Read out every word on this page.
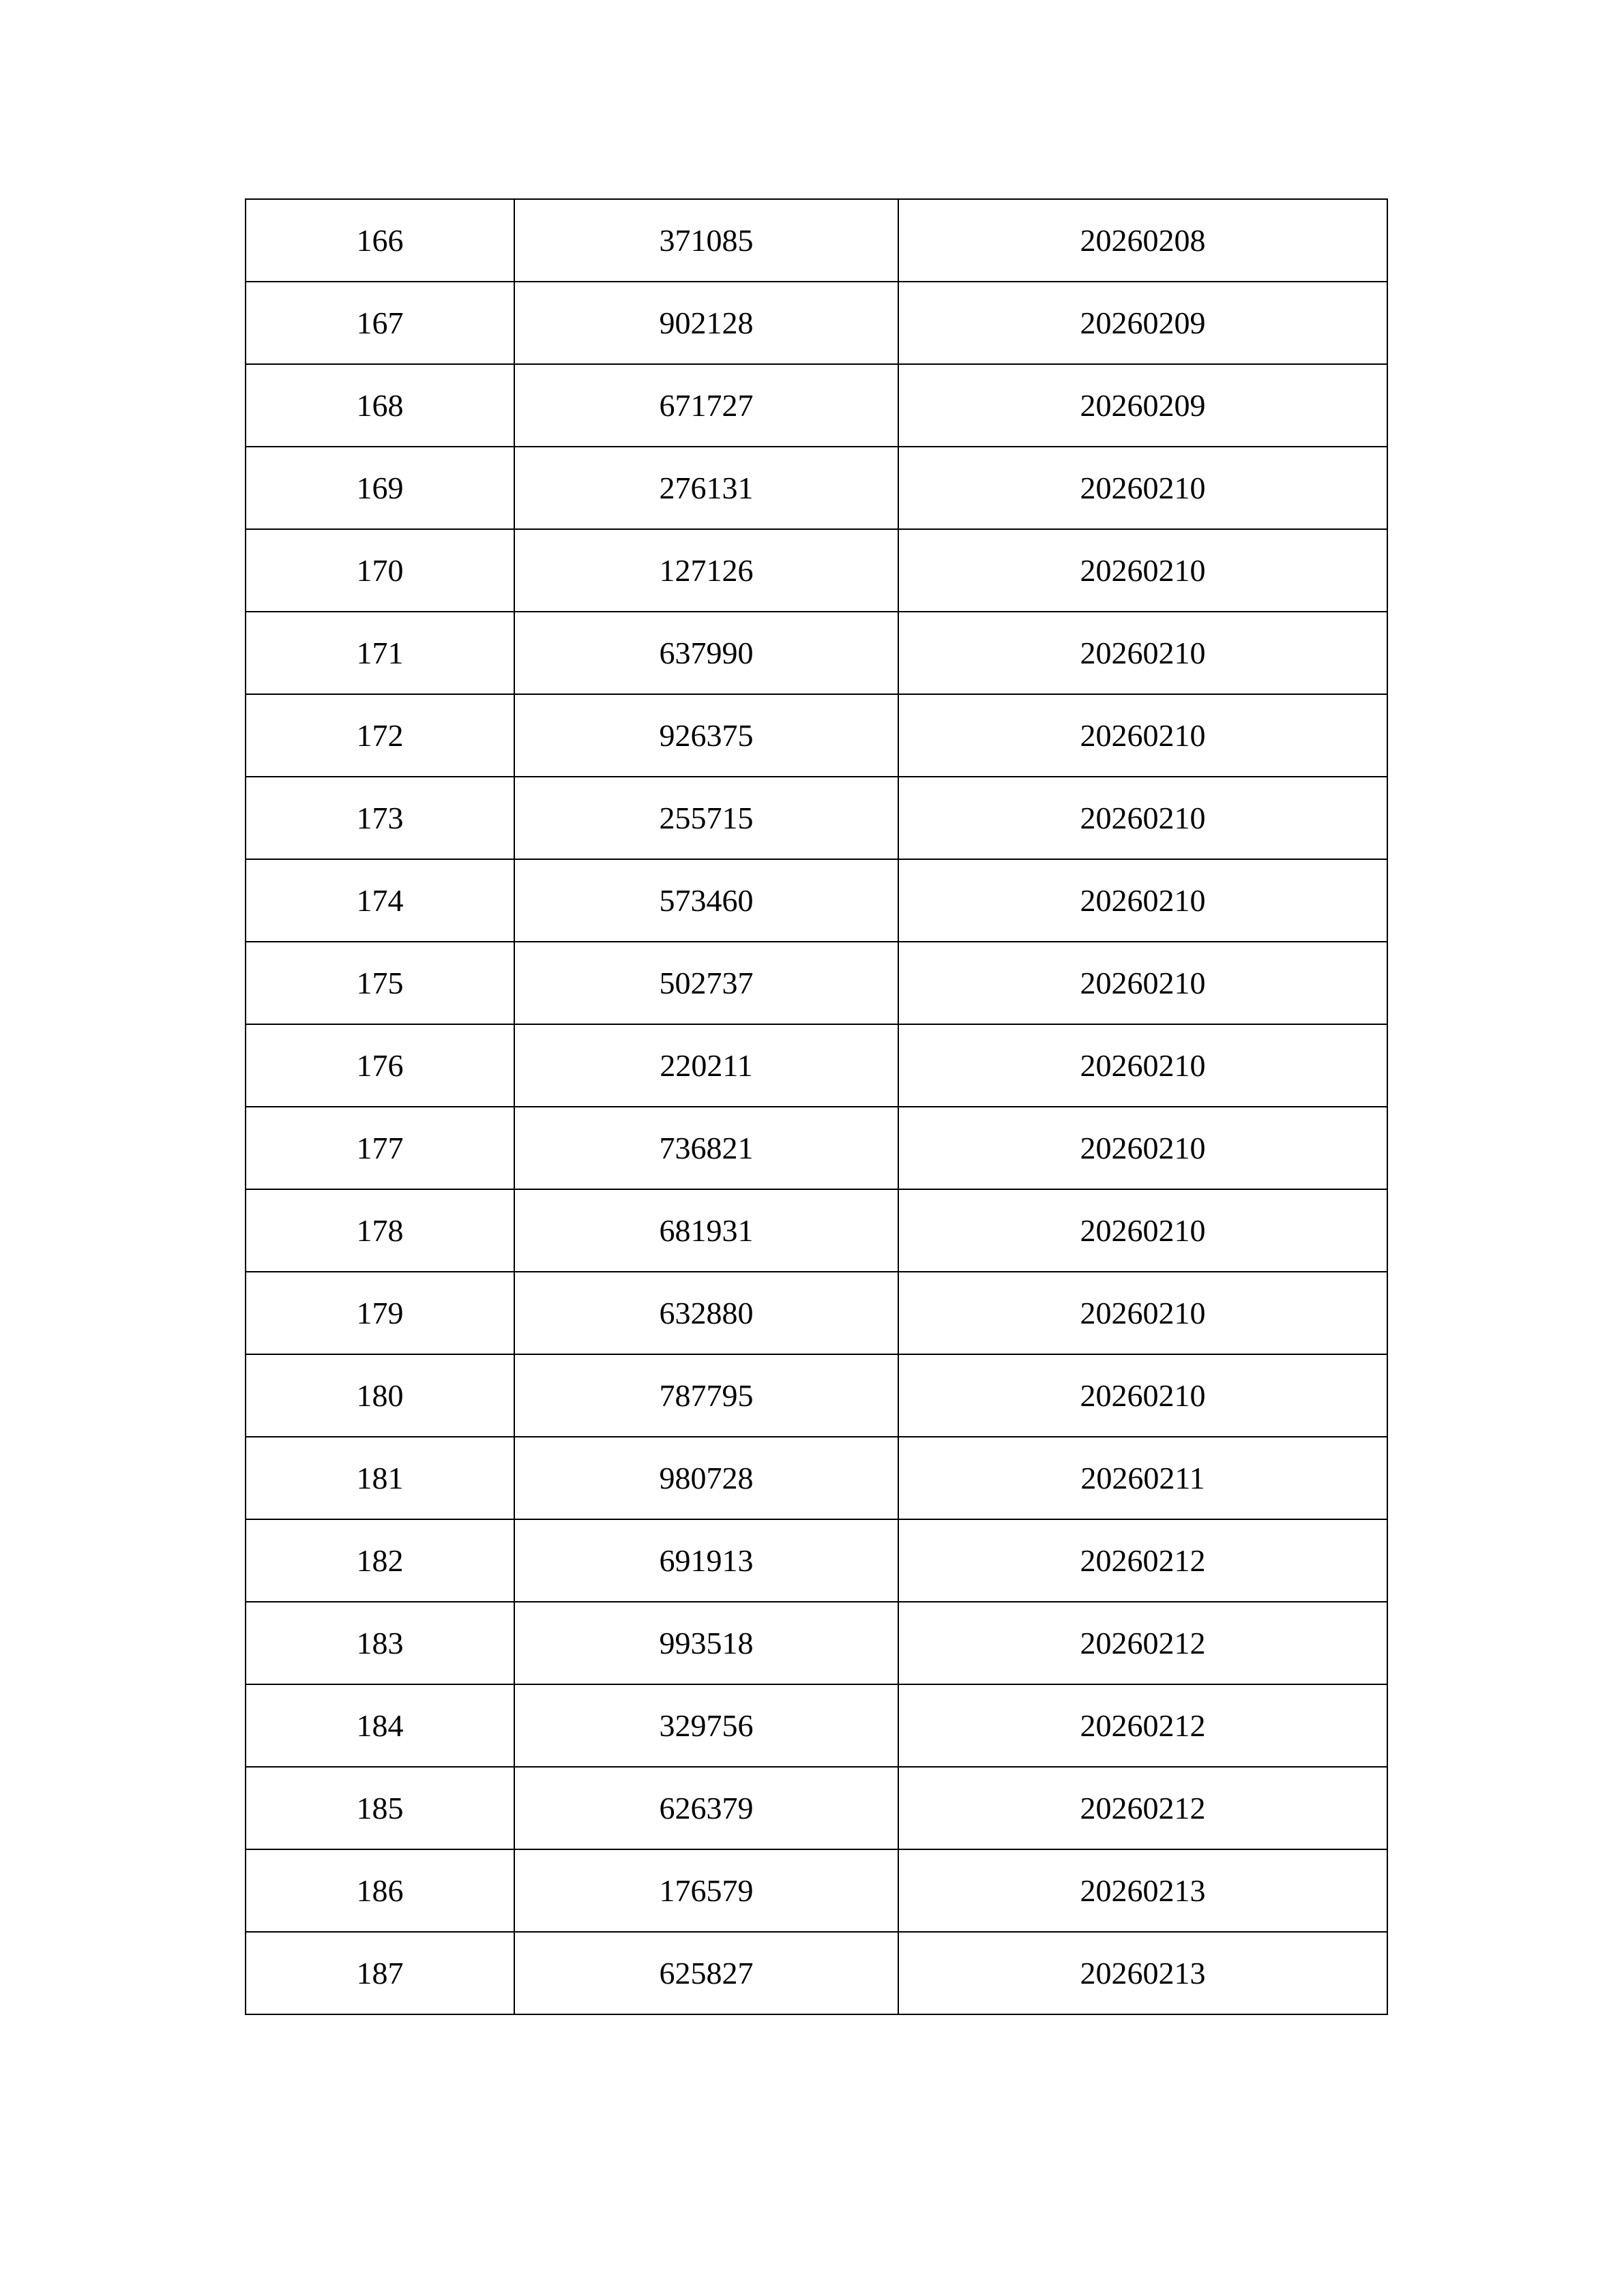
166	371085	20260208
167	902128	20260209
168	671727	20260209
169	276131	20260210
170	127126	20260210
171	637990	20260210
172	926375	20260210
173	255715	20260210
174	573460	20260210
175	502737	20260210
176	220211	20260210
177	736821	20260210
178	681931	20260210
179	632880	20260210
180	787795	20260210
181	980728	20260211
182	691913	20260212
183	993518	20260212
184	329756	20260212
185	626379	20260212
186	176579	20260213
187	625827	20260213
